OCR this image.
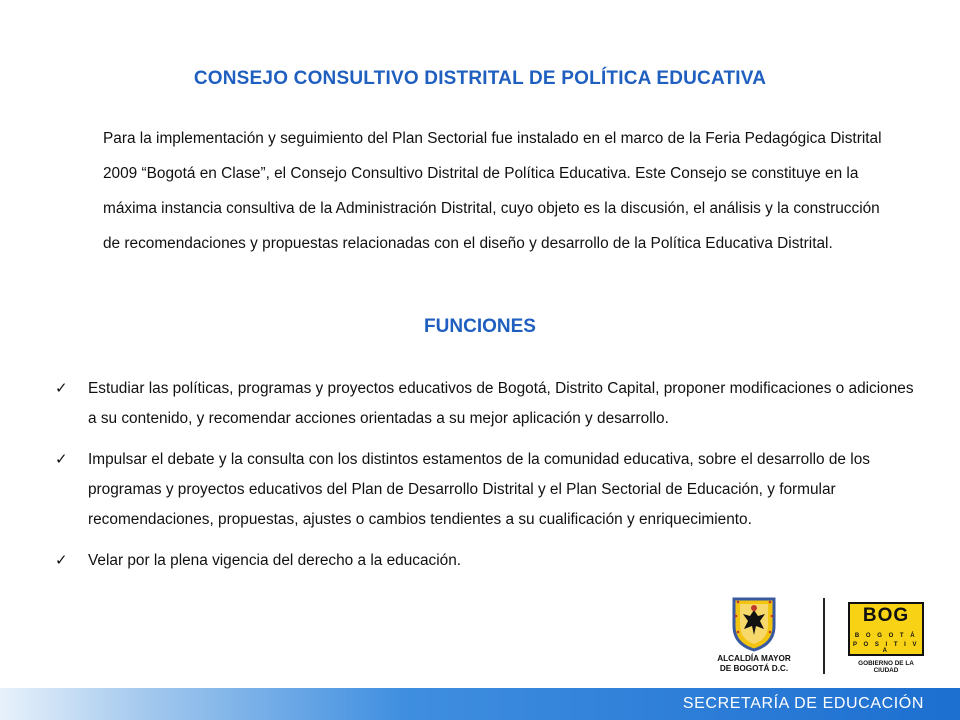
CONSEJO CONSULTIVO DISTRITAL DE POLÍTICA EDUCATIVA

Para la implementación y seguimiento del Plan Sectorial fue instalado en el marco de la Feria Pedagógica Distrital 2009 “Bogotá en Clase”, el Consejo Consultivo Distrital de Política Educativa. Este Consejo se constituye en la máxima instancia consultiva de la Administración Distrital, cuyo objeto es la discusión, el análisis y la construcción de recomendaciones y propuestas relacionadas con el diseño y desarrollo de la Política Educativa Distrital.

FUNCIONES
✓ Estudiar las políticas, programas y proyectos educativos de Bogotá, Distrito Capital, proponer modificaciones o adiciones a su contenido, y recomendar acciones orientadas a su mejor aplicación y desarrollo.
✓ Impulsar el debate y la consulta con los distintos estamentos de la comunidad educativa, sobre el desarrollo de los programas y proyectos educativos del Plan de Desarrollo Distrital y el Plan Sectorial de Educación, y formular recomendaciones, propuestas, ajustes o cambios tendientes a su cualificación y enriquecimiento.
✓ Velar por la plena vigencia del derecho a la educación.
ALCALDÍA MAYOR
DE BOGOTÁ D.C.
BOG
B O G O T Á
P O S I T I V A
GOBIERNO DE LA CIUDAD
SECRETARÍA DE EDUCACIÓN
